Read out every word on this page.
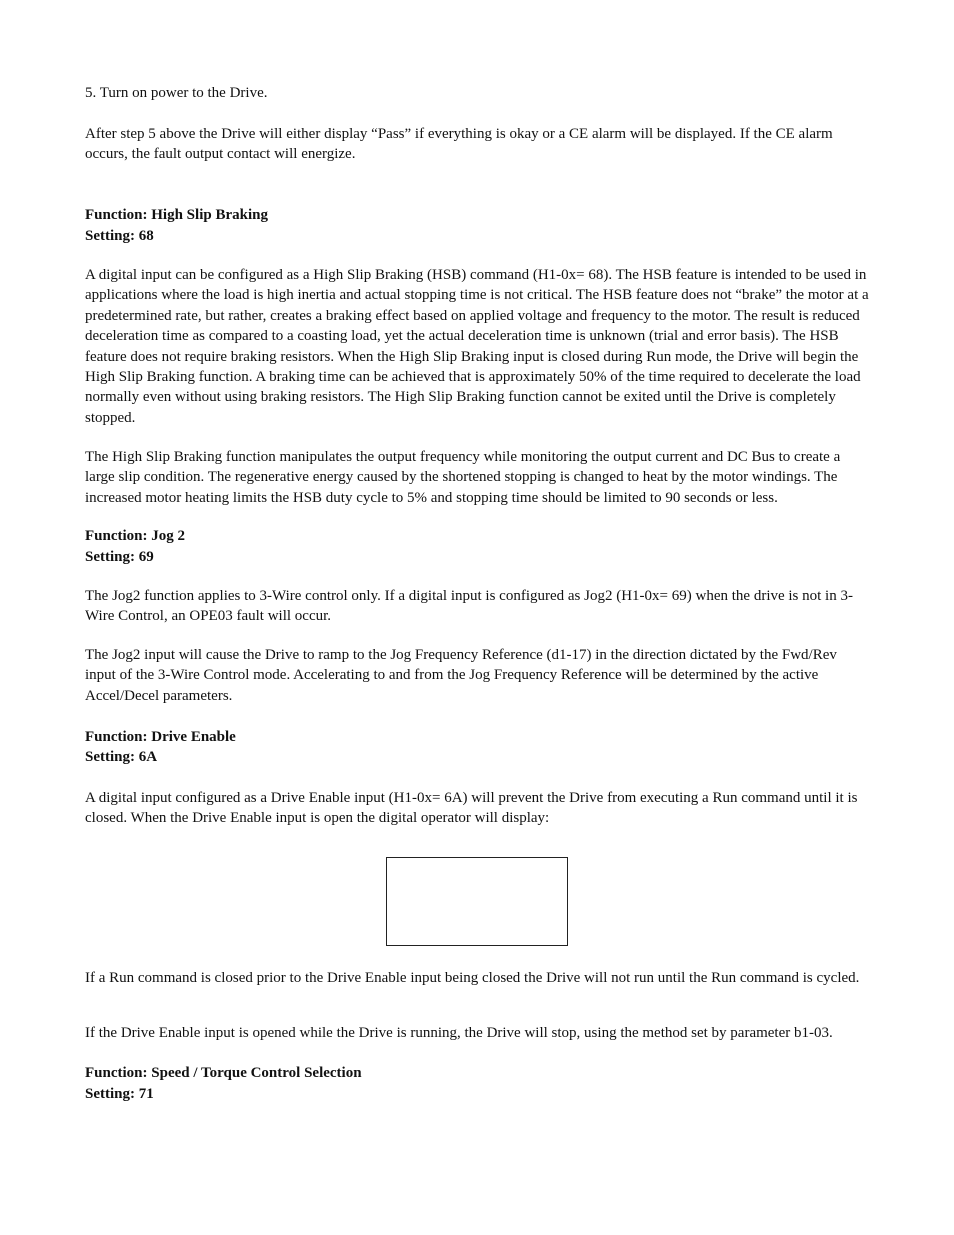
5. Turn on power to the Drive.

After step 5 above the Drive will either display “Pass” if everything is okay or a CE alarm will be displayed. If the CE alarm occurs, the fault output contact will energize.

Function: High Slip Braking

Setting: 68

A digital input can be configured as a High Slip Braking (HSB) command (H1-0x= 68). The HSB feature is intended to be used in applications where the load is high inertia and actual stopping time is not critical. The HSB feature does not “brake” the motor at a predetermined rate, but rather, creates a braking effect based on applied voltage and frequency to the motor. The result is reduced deceleration time as compared to a coasting load, yet the actual deceleration time is unknown (trial and error basis). The HSB feature does not require braking resistors. When the High Slip Braking input is closed during Run mode, the Drive will begin the High Slip Braking function. A braking time can be achieved that is approximately 50% of the time required to decelerate the load normally even without using braking resistors. The High Slip Braking function cannot be exited until the Drive is completely stopped.

The High Slip Braking function manipulates the output frequency while monitoring the output current and DC Bus to create a large slip condition. The regenerative energy caused by the shortened stopping is changed to heat by the motor windings. The increased motor heating limits the HSB duty cycle to 5% and stopping time should be limited to 90 seconds or less.

Function: Jog 2

Setting: 69

The Jog2 function applies to 3-Wire control only. If a digital input is configured as Jog2 (H1-0x= 69) when the drive is not in 3-Wire Control, an OPE03 fault will occur.

The Jog2 input will cause the Drive to ramp to the Jog Frequency Reference (d1-17) in the direction dictated by the Fwd/Rev input of the 3-Wire Control mode. Accelerating to and from the Jog Frequency Reference will be determined by the active Accel/Decel parameters.

Function: Drive Enable

Setting: 6A

A digital input configured as a Drive Enable input (H1-0x= 6A) will prevent the Drive from executing a Run command until it is closed. When the Drive Enable input is open the digital operator will display:

If a Run command is closed prior to the Drive Enable input being closed the Drive will not run until the Run command is cycled.

If the Drive Enable input is opened while the Drive is running, the Drive will stop, using the method set by parameter b1-03.

Function: Speed / Torque Control Selection

Setting: 71
